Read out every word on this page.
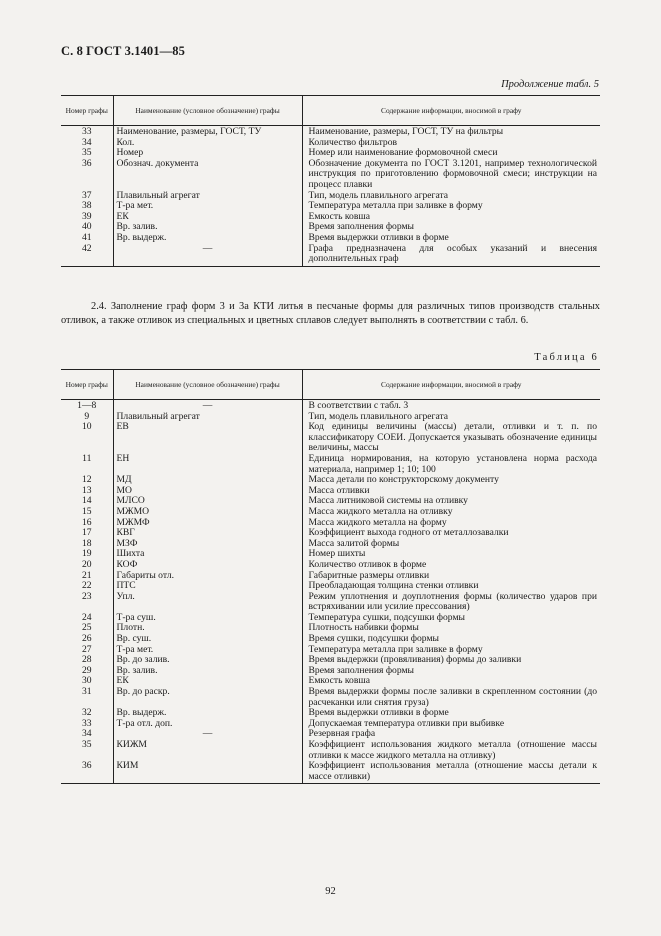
С. 8 ГОСТ 3.1401—85
Продолжение табл. 5
Номер графы	Наименование (условное обозначение) графы	Содержание информации, вносимой в графу
33	Наименование, размеры, ГОСТ, ТУ	Наименование, размеры, ГОСТ, ТУ на фильтры
34	Кол.	Количество фильтров
35	Номер	Номер или наименование формовочной смеси
36	Обознач. документа	Обозначение документа по ГОСТ 3.1201, например технологической инструкция по приготовлению формовочной смеси; инструкции на процесс плавки
37	Плавильный агрегат	Тип, модель плавильного агрегата
38	Т-ра мет.	Температура металла при заливке в форму
39	ЕК	Емкость ковша
40	Вр. залив.	Время заполнения формы
41	Вр. выдерж.	Время выдержки отливки в форме
42	—	Графа предназначена для особых указаний и внесения дополнительных граф
2.4. Заполнение граф форм 3 и 3а КТИ литья в песчаные формы для различных типов производств стальных отливок, а также отливок из специальных и цветных сплавов следует выполнять в соответствии с табл. 6.
Таблица 6
Номер графы	Наименование (условное обозначение) графы	Содержание информации, вносимой в графу
1—8	—	В соответствии с табл. 3
9	Плавильный агрегат	Тип, модель плавильного агрегата
10	ЕВ	Код единицы величины (массы) детали, отливки и т. п. по классификатору СОЕИ. Допускается указывать обозначение единицы величины, массы
11	ЕН	Единица нормирования, на которую установлена норма расхода материала, например 1; 10; 100
12	МД	Масса детали по конструкторскому документу
13	МО	Масса отливки
14	МЛСО	Масса литниковой системы на отливку
15	МЖМО	Масса жидкого металла на отливку
16	МЖМФ	Масса жидкого металла на форму
17	КВГ	Коэффициент выхода годного от металлозавалки
18	МЗФ	Масса залитой формы
19	Шихта	Номер шихты
20	КОФ	Количество отливок в форме
21	Габариты отл.	Габаритные размеры отливки
22	ПТС	Преобладающая толщина стенки отливки
23	Упл.	Режим уплотнения и доуплотнения формы (количество ударов при встряхивании или усилие прессования)
24	Т-ра суш.	Температура сушки, подсушки формы
25	Плотн.	Плотность набивки формы
26	Вр. суш.	Время сушки, подсушки формы
27	Т-ра мет.	Температура металла при заливке в форму
28	Вр. до залив.	Время выдержки (провяливания) формы до заливки
29	Вр. залив.	Время заполнения формы
30	ЕК	Емкость ковша
31	Вр. до раскр.	Время выдержки формы после заливки в скрепленном состоянии (до расчеканки или снятия груза)
32	Вр. выдерж.	Время выдержки отливки в форме
33	Т-ра отл. доп.	Допускаемая температура отливки при выбивке
34	—	Резервная графа
35	КИЖМ	Коэффициент использования жидкого металла (отношение массы отливки к массе жидкого металла на отливку)
36	КИМ	Коэффициент использования металла (отношение массы детали к массе отливки)
92
